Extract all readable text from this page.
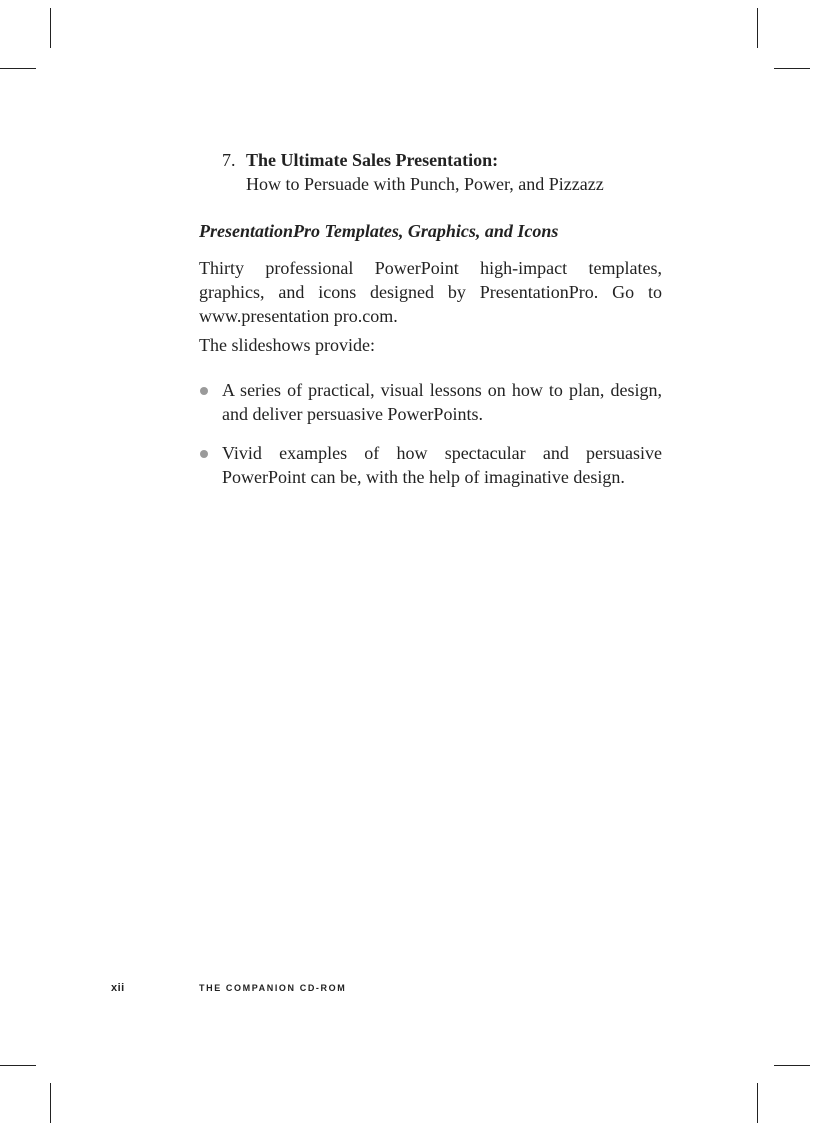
7. The Ultimate Sales Presentation:
How to Persuade with Punch, Power, and Pizzazz
PresentationPro Templates, Graphics, and Icons

Thirty professional PowerPoint high-impact templates, graphics, and icons designed by PresentationPro. Go to www.presentation pro.com.

The slideshows provide:

A series of practical, visual lessons on how to plan, design, and deliver persuasive PowerPoints.
Vivid examples of how spectacular and persuasive PowerPoint can be, with the help of imaginative design.
xii	THE COMPANION CD-ROM
